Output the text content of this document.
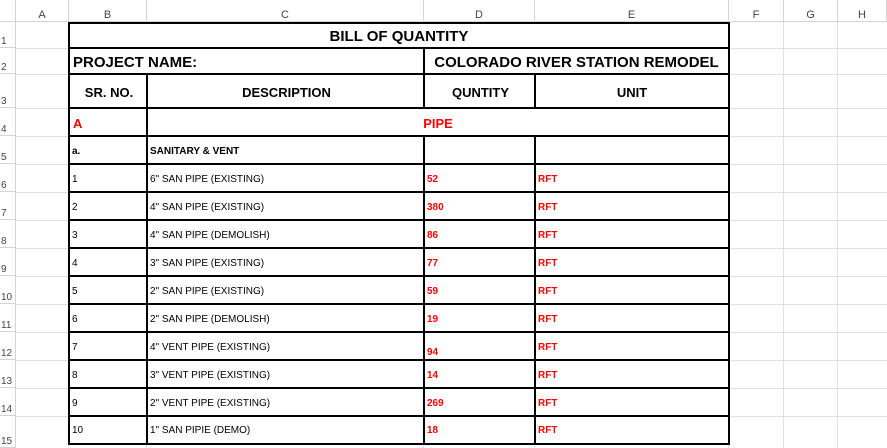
A	B	C	D	E	F	G	H
1
2
3
4
5
6
7
8
9
10
11
12
13
14
15
BILL OF QUANTITY
PROJECT NAME:	COLORADO RIVER STATION REMODEL
SR. NO.	DESCRIPTION	QUNTITY	UNIT
A	PIPE
a.	SANITARY & VENT
1	6" SAN PIPE (EXISTING)	52	RFT
2	4" SAN PIPE (EXISTING)	380	RFT
3	4" SAN PIPE (DEMOLISH)	86	RFT
4	3" SAN PIPE (EXISTING)	77	RFT
5	2" SAN PIPE (EXISTING)	59	RFT
6	2" SAN PIPE (DEMOLISH)	19	RFT
7	4" VENT PIPE (EXISTING)	94	RFT
8	3" VENT PIPE (EXISTING)	14	RFT
9	2" VENT PIPE (EXISTING)	269	RFT
10	1" SAN PIPIE (DEMO)	18	RFT
